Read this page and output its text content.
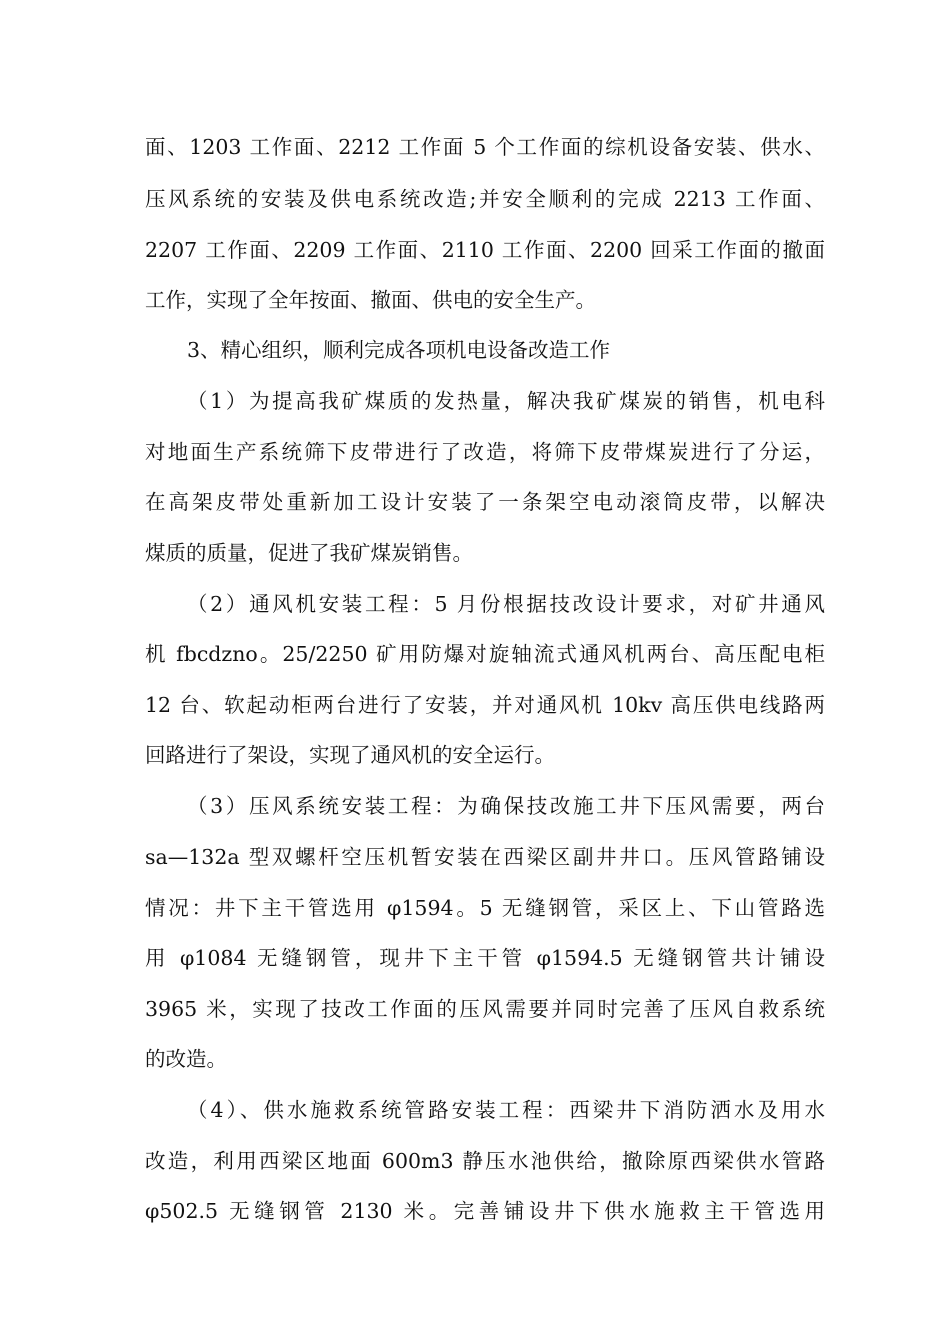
面、1203 工作面、2212 工作面 5 个工作面的综机设备安装、供水、
压风系统的安装及供电系统改造;并安全顺利的完成 2213 工作面、
2207 工作面、2209 工作面、2110 工作面、2200 回采工作面的撤面
工作，实现了全年按面、撤面、供电的安全生产。
3、精心组织，顺利完成各项机电设备改造工作
（1）为提高我矿煤质的发热量，解决我矿煤炭的销售，机电科
对地面生产系统筛下皮带进行了改造，将筛下皮带煤炭进行了分运，
在高架皮带处重新加工设计安装了一条架空电动滚筒皮带，以解决
煤质的质量，促进了我矿煤炭销售。
（2）通风机安装工程：5 月份根据技改设计要求，对矿井通风
机 fbcdzno。25/2250 矿用防爆对旋轴流式通风机两台、高压配电柜
12 台、软起动柜两台进行了安装，并对通风机 10kv 高压供电线路两
回路进行了架设，实现了通风机的安全运行。
（3）压风系统安装工程：为确保技改施工井下压风需要，两台
sa—132a 型双螺杆空压机暂安装在西梁区副井井口。压风管路铺设
情况：井下主干管选用 φ1594。5 无缝钢管，采区上、下山管路选
用 φ1084 无缝钢管，现井下主干管 φ1594.5 无缝钢管共计铺设
3965 米，实现了技改工作面的压风需要并同时完善了压风自救系统
的改造。
（4）、供水施救系统管路安装工程：西梁井下消防洒水及用水
改造，利用西梁区地面 600m3 静压水池供给，撤除原西梁供水管路
φ502.5 无缝钢管 2130 米。完善铺设井下供水施救主干管选用
